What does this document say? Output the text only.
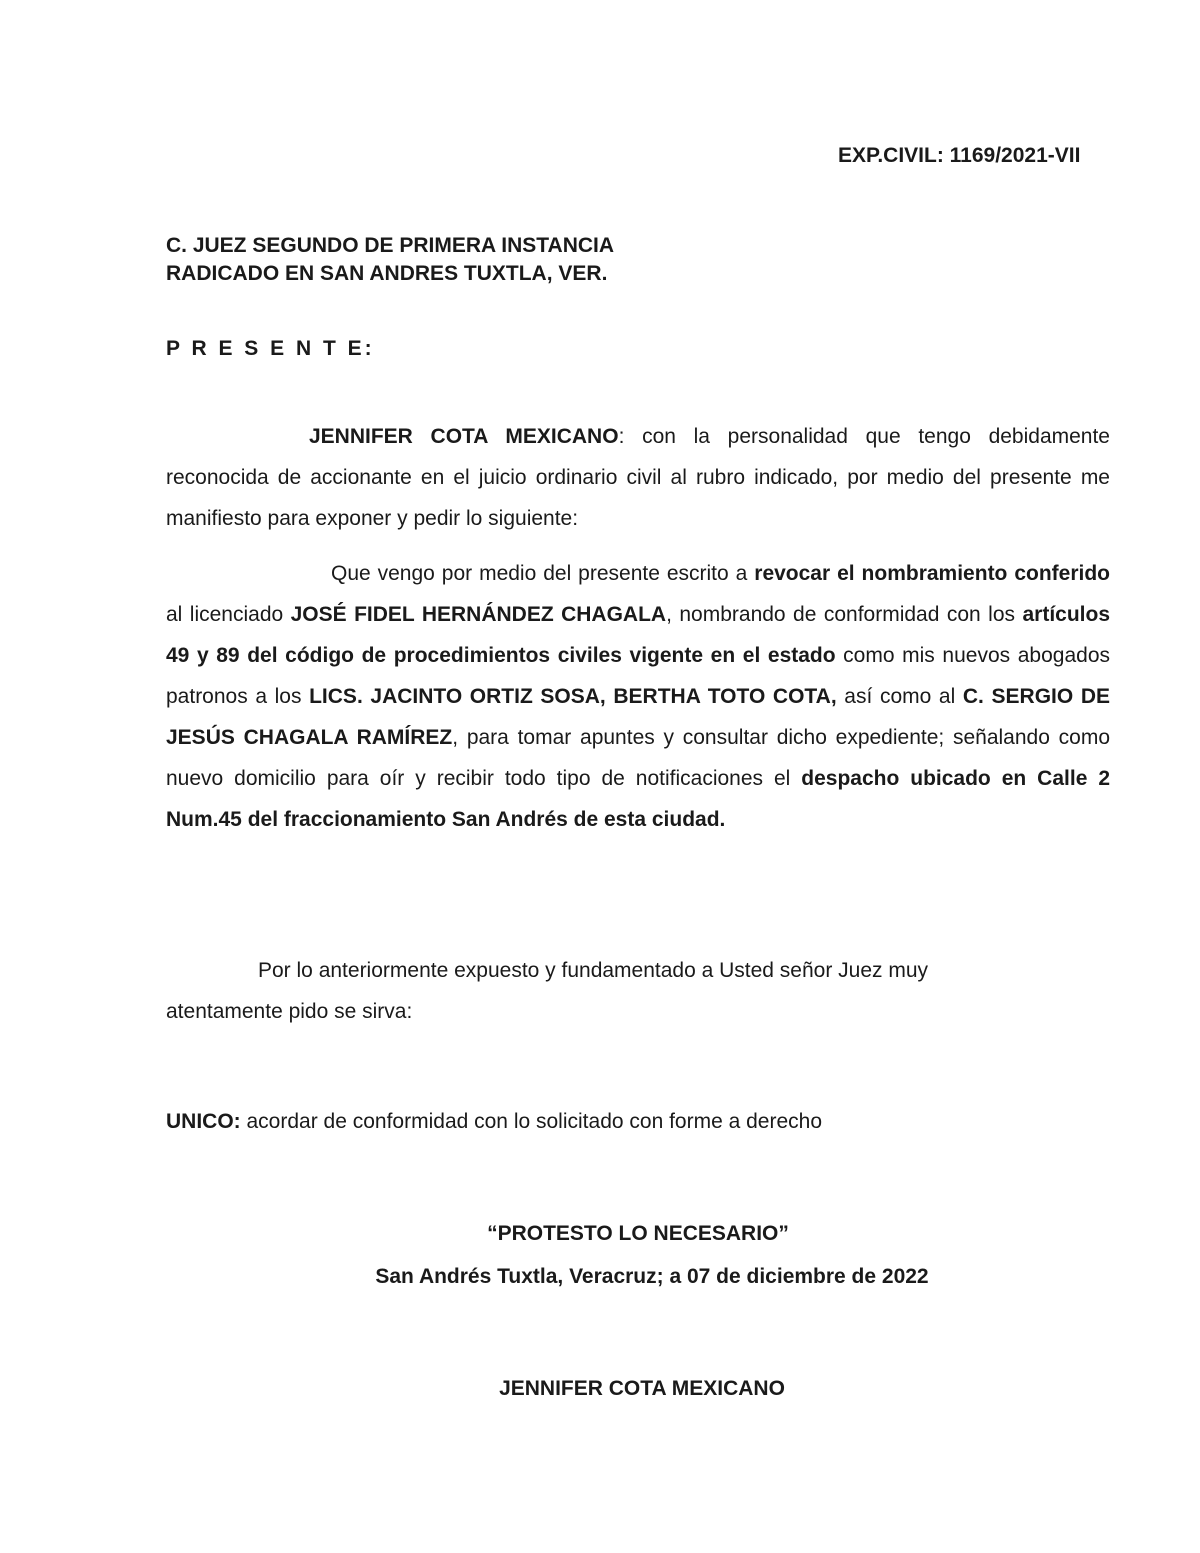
EXP.CIVIL: 1169/2021-VII
C. JUEZ SEGUNDO DE PRIMERA INSTANCIA
RADICADO EN SAN ANDRES TUXTLA, VER.
P R E S E N T E:

JENNIFER COTA MEXICANO: con la personalidad que tengo debidamente reconocida de accionante en el juicio ordinario civil al rubro indicado, por medio del presente me manifiesto para exponer y pedir lo siguiente:

Que vengo por medio del presente escrito a revocar el nombramiento conferido al licenciado JOSÉ FIDEL HERNÁNDEZ CHAGALA, nombrando de conformidad con los artículos 49 y 89 del código de procedimientos civiles vigente en el estado como mis nuevos abogados patronos a los LICS. JACINTO ORTIZ SOSA, BERTHA TOTO COTA, así como al C. SERGIO DE JESÚS CHAGALA RAMÍREZ, para tomar apuntes y consultar dicho expediente; señalando como nuevo domicilio para oír y recibir todo tipo de notificaciones el despacho ubicado en Calle 2 Num.45 del fraccionamiento San Andrés de esta ciudad.

Por lo anteriormente expuesto y fundamentado a Usted señor Juez muy atentamente pido se sirva:

UNICO: acordar de conformidad con lo solicitado con forme a derecho
“PROTESTO LO NECESARIO”
San Andrés Tuxtla, Veracruz; a 07 de diciembre de 2022
JENNIFER COTA MEXICANO
